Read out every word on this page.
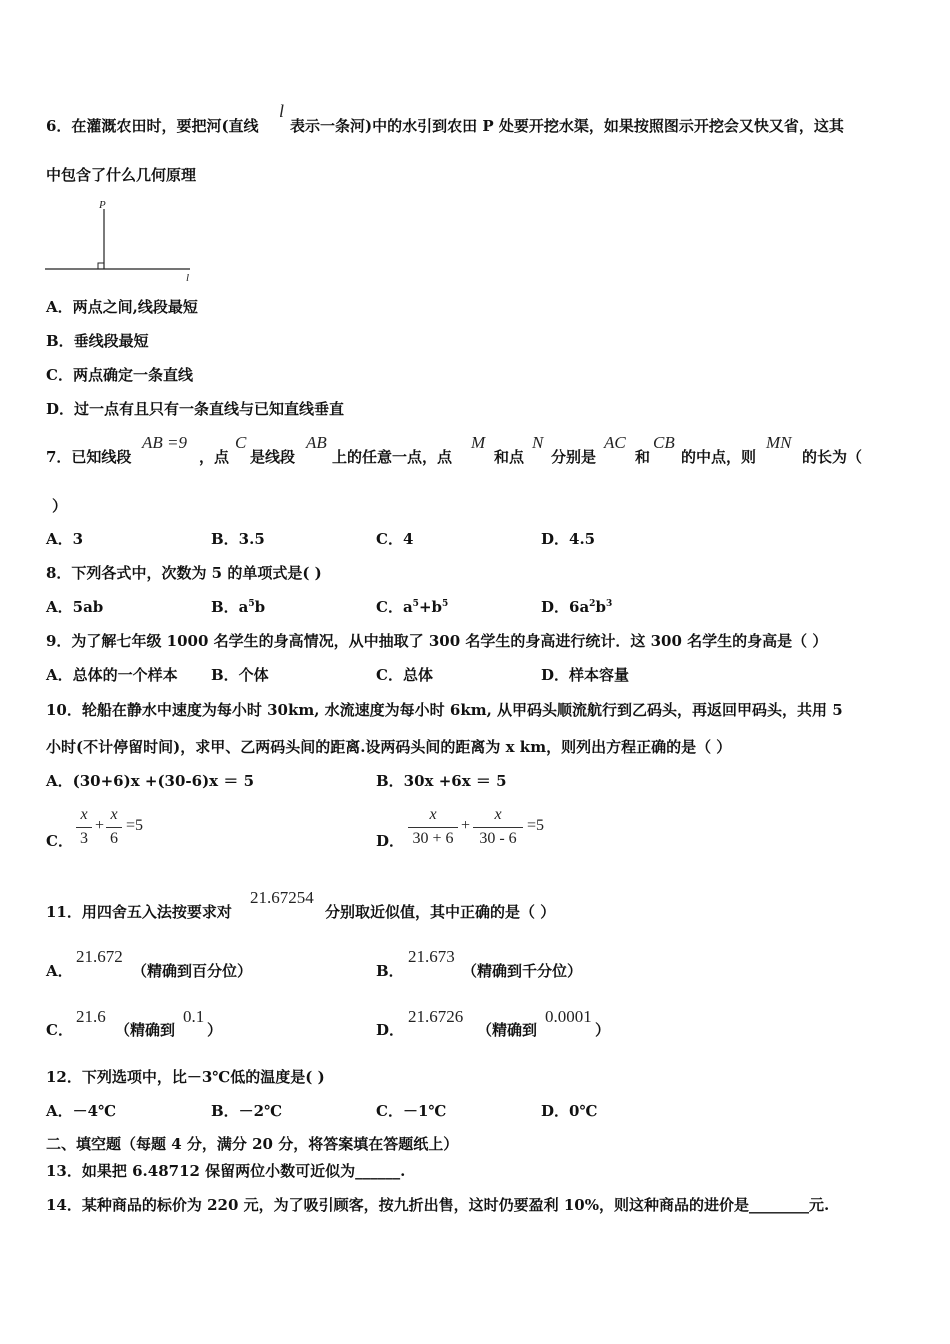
6．在灌溉农田时，要把河(直线
l
表示一条河)中的水引到农田 P 处要开挖水渠，如果按照图示开挖会又快又省，这其
中包含了什么几何原理
P
l
A．两点之间,线段最短
B．垂线段最短
C．两点确定一条直线
D．过一点有且只有一条直线与已知直线垂直
7．已知线段
AB =9
，点
C
是线段
AB
上的任意一点，点
M
和点
N
分别是
AC
和
CB
的中点，则
MN
的长为（
）
A．3	B．3.5	C．4	D．4.5
8．下列各式中，次数为 5 的单项式是( )
A．5ab	B．$a^5b$	C．$a^5+b^5$	D．$6a^2b^3$
9．为了解七年级 1000 名学生的身高情况，从中抽取了 300 名学生的身高进行统计．这 300 名学生的身高是（ ）
A．总体的一个样本 B．个体	C．总体	D．样本容量
10．轮船在静水中速度为每小时 30km, 水流速度为每小时 6km, 从甲码头顺流航行到乙码头，再返回甲码头，共用 5
小时(不计停留时间)，求甲、乙两码头间的距离.设两码头间的距离为 x km，则列出方程正确的是（ ）
A．(30+6)x +(30-6)x ＝ 5	B．30x +6x ＝ 5
C．
x
3
+
x
6
=5
D．
x
30 + 6
+
x
30 - 6
=5
11．用四舍五入法按要求对
21.67254
分别取近似值，其中正确的是（ ）
A．
21.672
（精确到百分位）	B．
21.673
（精确到千分位）
C．
21.6
（精确到
0.1
）	D．
21.6726
（精确到
0.0001
）
12．下列选项中，比－3℃低的温度是( )
A．－4℃	B．－2℃	C．－1℃	D．0℃
二、填空题（每题 4 分，满分 20 分，将答案填在答题纸上）
13．如果把 6.48712 保留两位小数可近似为______.
14．某种商品的标价为 220 元，为了吸引顾客，按九折出售，这时仍要盈利 10%，则这种商品的进价是________元.
